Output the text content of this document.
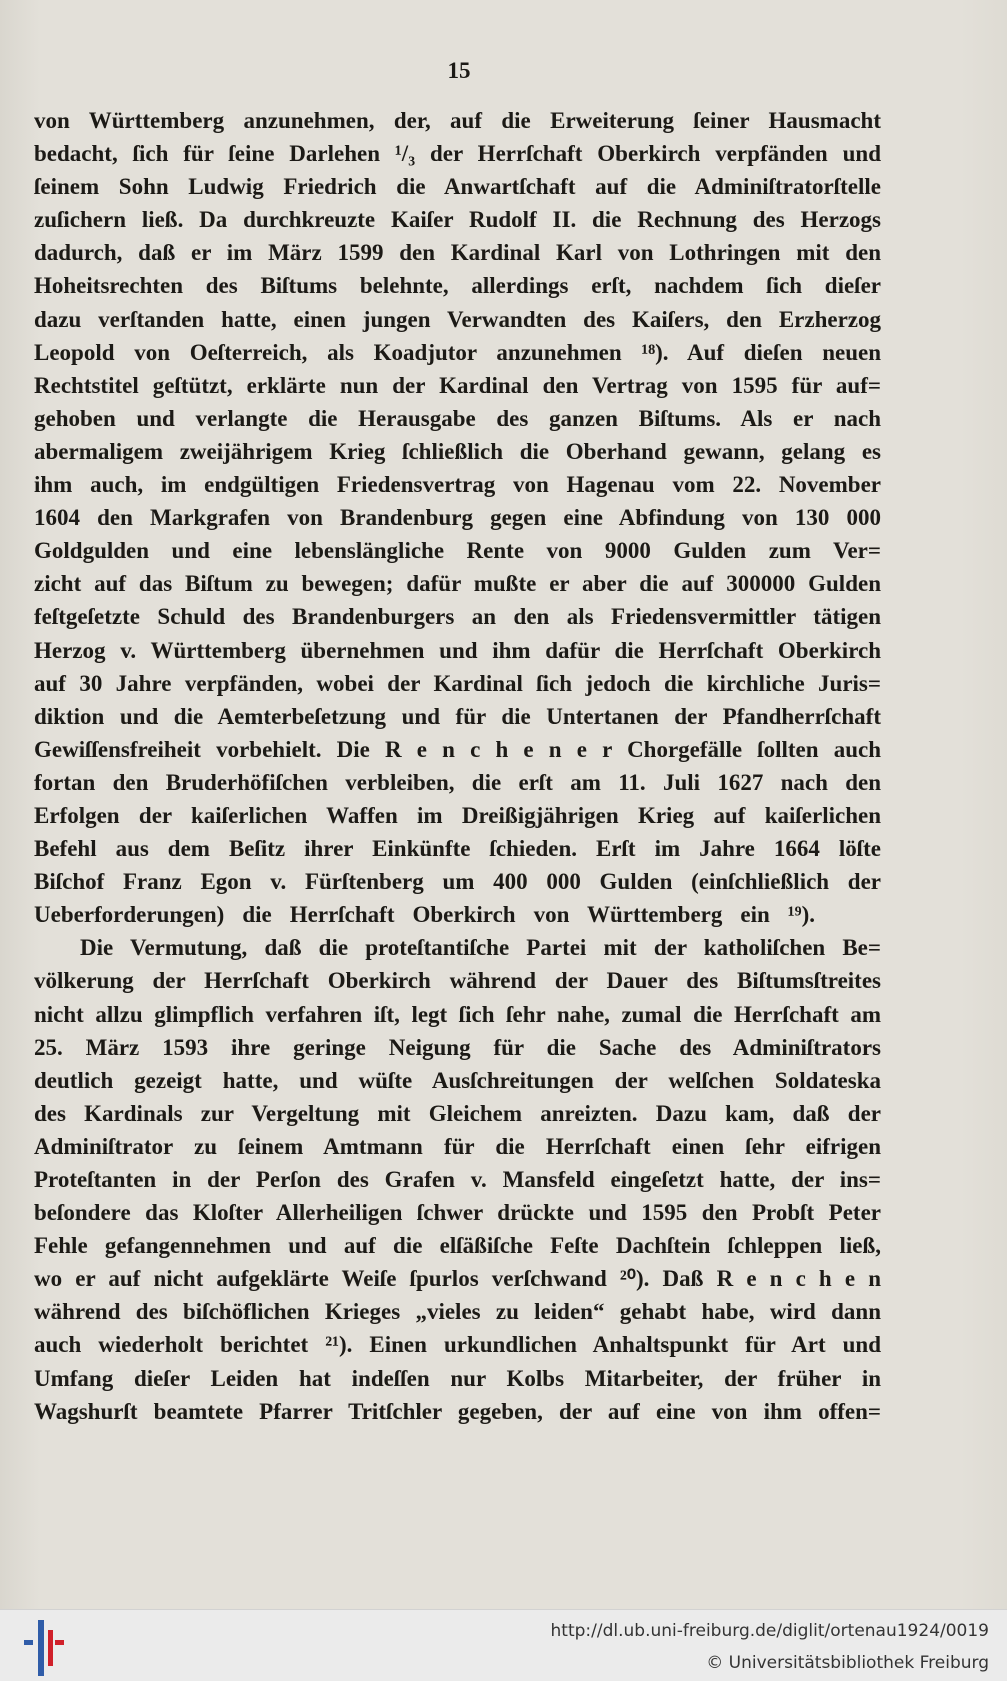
15
von Württemberg anzunehmen, der, auf die Erweiterung ſeiner Hausmacht
bedacht, ſich für ſeine Darlehen ¹/₃ der Herrſchaft Oberkirch verpfänden und
ſeinem Sohn Ludwig Friedrich die Anwartſchaft auf die Adminiſtratorſtelle
zuſichern ließ. Da durchkreuzte Kaiſer Rudolf II. die Rechnung des Herzogs
dadurch, daß er im März 1599 den Kardinal Karl von Lothringen mit den
Hoheitsrechten des Biſtums belehnte, allerdings erſt, nachdem ſich dieſer
dazu verſtanden hatte, einen jungen Verwandten des Kaiſers, den Erzherzog
Leopold von Oeſterreich, als Koadjutor anzunehmen ¹⁸). Auf dieſen neuen
Rechtstitel geſtützt, erklärte nun der Kardinal den Vertrag von 1595 für auf=
gehoben und verlangte die Herausgabe des ganzen Biſtums. Als er nach
abermaligem zweijährigem Krieg ſchließlich die Oberhand gewann, gelang es
ihm auch, im endgültigen Friedensvertrag von Hagenau vom 22. November
1604 den Markgrafen von Brandenburg gegen eine Abfindung von 130 000
Goldgulden und eine lebenslängliche Rente von 9000 Gulden zum Ver=
zicht auf das Biſtum zu bewegen; dafür mußte er aber die auf 300000 Gulden
feſtgeſetzte Schuld des Brandenburgers an den als Friedensvermittler tätigen
Herzog v. Württemberg übernehmen und ihm dafür die Herrſchaft Oberkirch
auf 30 Jahre verpfänden, wobei der Kardinal ſich jedoch die kirchliche Juris=
diktion und die Aemterbeſetzung und für die Untertanen der Pfandherrſchaft
Gewiſſensfreiheit vorbehielt. Die R e n c h e n e r Chorgefälle ſollten auch
fortan den Bruderhöfiſchen verbleiben, die erſt am 11. Juli 1627 nach den
Erfolgen der kaiſerlichen Waffen im Dreißigjährigen Krieg auf kaiſerlichen
Befehl aus dem Beſitz ihrer Einkünfte ſchieden. Erſt im Jahre 1664 löſte
Biſchof Franz Egon v. Fürſtenberg um 400 000 Gulden (einſchließlich der
Ueberforderungen) die Herrſchaft Oberkirch von Württemberg ein ¹⁹).
Die Vermutung, daß die proteſtantiſche Partei mit der katholiſchen Be=
völkerung der Herrſchaft Oberkirch während der Dauer des Biſtumsſtreites
nicht allzu glimpflich verfahren iſt, legt ſich ſehr nahe, zumal die Herrſchaft am
25. März 1593 ihre geringe Neigung für die Sache des Adminiſtrators
deutlich gezeigt hatte, und wüſte Ausſchreitungen der welſchen Soldateska
des Kardinals zur Vergeltung mit Gleichem anreizten. Dazu kam, daß der
Adminiſtrator zu ſeinem Amtmann für die Herrſchaft einen ſehr eifrigen
Proteſtanten in der Perſon des Grafen v. Mansfeld eingeſetzt hatte, der ins=
beſondere das Kloſter Allerheiligen ſchwer drückte und 1595 den Probſt Peter
Fehle gefangennehmen und auf die elſäßiſche Feſte Dachſtein ſchleppen ließ,
wo er auf nicht aufgeklärte Weiſe ſpurlos verſchwand ²⁰). Daß R e n c h e n
während des biſchöflichen Krieges „vieles zu leiden“ gehabt habe, wird dann
auch wiederholt berichtet ²¹). Einen urkundlichen Anhaltspunkt für Art und
Umfang dieſer Leiden hat indeſſen nur Kolbs Mitarbeiter, der früher in
Wagshurſt beamtete Pfarrer Tritſchler gegeben, der auf eine von ihm offen=
http://dl.ub.uni-freiburg.de/diglit/ortenau1924/0019
© Universitätsbibliothek Freiburg
